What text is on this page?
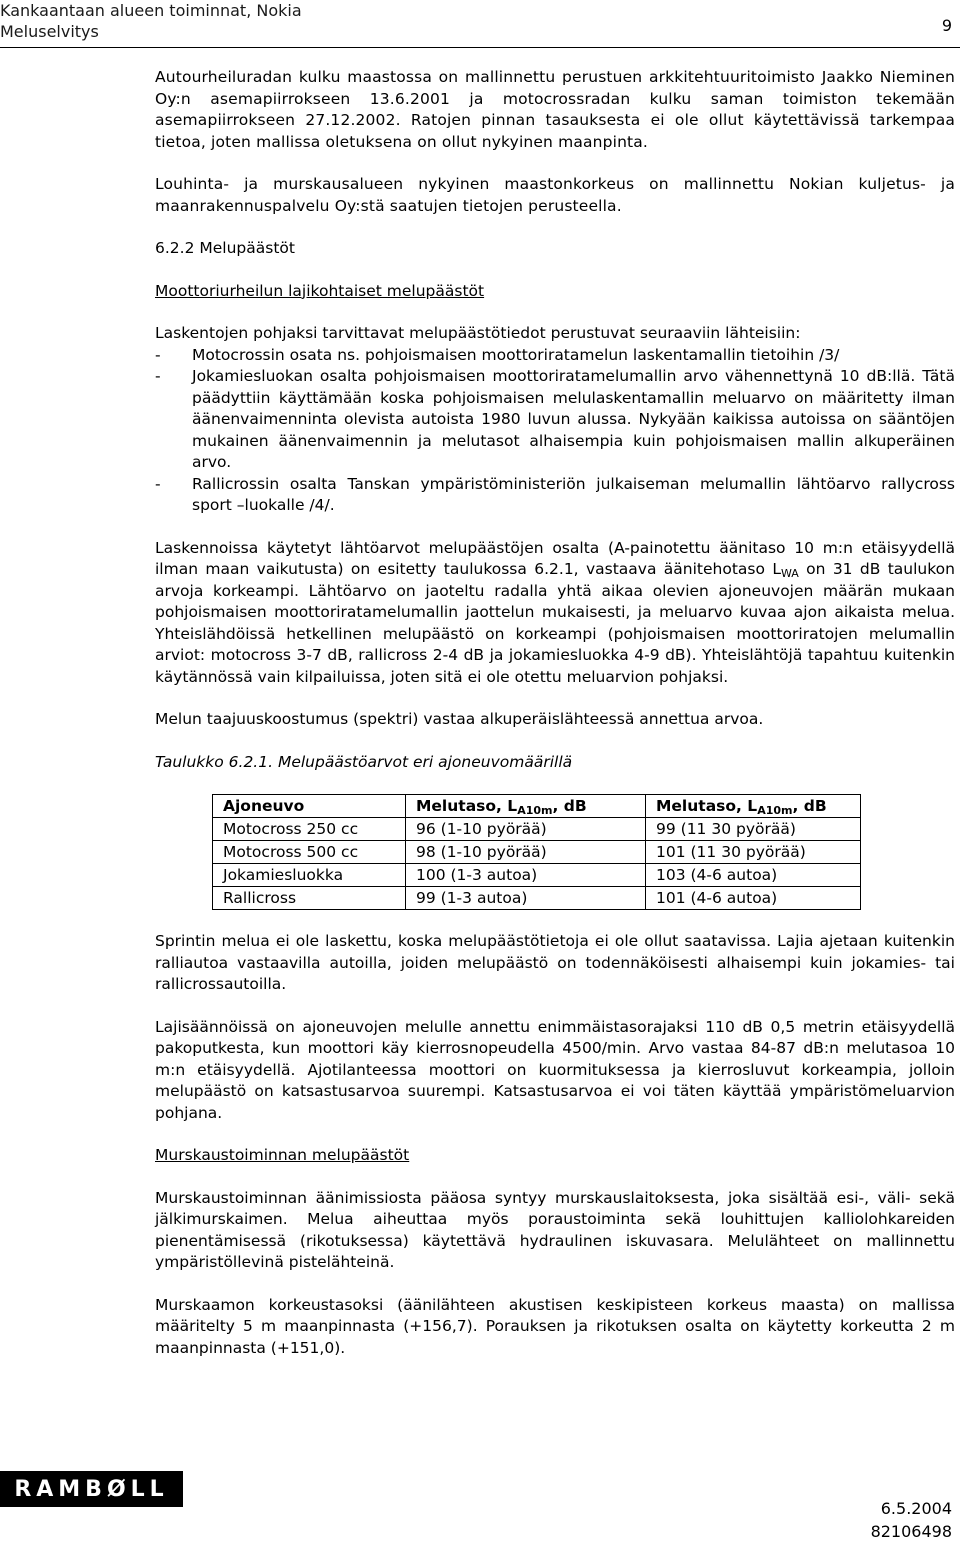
Kankaantaan alueen toiminnat, Nokia
Meluselvitys	9

Autourheiluradan kulku maastossa on mallinnettu perustuen arkkitehtuuritoimisto Jaakko Nieminen Oy:n asemapiirrokseen 13.6.2001 ja motocrossradan kulku saman toimiston tekemään asemapiirrokseen 27.12.2002. Ratojen pinnan tasauksesta ei ole ollut käytettävissä tarkempaa tietoa, joten mallissa oletuksena on ollut nykyinen maanpinta.

Louhinta- ja murskausalueen nykyinen maastonkorkeus on mallinnettu Nokian kuljetus- ja maanrakennuspalvelu Oy:stä saatujen tietojen perusteella.

6.2.2 Melupäästöt
Moottoriurheilun lajikohtaiset melupäästöt

Laskentojen pohjaksi tarvittavat melupäästötiedot perustuvat seuraaviin lähteisiin:

- Motocrossin osata ns. pohjoismaisen moottoriratamelun laskentamallin tietoihin /3/
- Jokamiesluokan osalta pohjoismaisen moottoriratamelumallin arvo vähennettynä 10 dB:llä. Tätä päädyttiin käyttämään koska pohjoismaisen melulaskentamallin meluarvo on määritetty ilman äänenvaimenninta olevista autoista 1980 luvun alussa. Nykyään kaikissa autoissa on sääntöjen mukainen äänenvaimennin ja melutasot alhaisempia kuin pohjoismaisen mallin alkuperäinen arvo.
- Rallicrossin osalta Tanskan ympäristöministeriön julkaiseman melumallin lähtöarvo rallycross sport –luokalle /4/.

Laskennoissa käytetyt lähtöarvot melupäästöjen osalta (A-painotettu äänitaso 10 m:n etäisyydellä ilman maan vaikutusta) on esitetty taulukossa 6.2.1, vastaava äänitehotaso $L_{WA}$ on 31 dB taulukon arvoja korkeampi. Lähtöarvo on jaoteltu radalla yhtä aikaa olevien ajoneuvojen määrän mukaan pohjoismaisen moottoriratamelumallin jaottelun mukaisesti, ja meluarvo kuvaa ajon aikaista melua. Yhteislähdöissä hetkellinen melupäästö on korkeampi (pohjoismaisen moottoriratojen melumallin arviot: motocross 3-7 dB, rallicross 2-4 dB ja jokamiesluokka 4-9 dB). Yhteislähtöjä tapahtuu kuitenkin käytännössä vain kilpailuissa, joten sitä ei ole otettu meluarvion pohjaksi.

Melun taajuuskoostumus (spektri) vastaa alkuperäislähteessä annettua arvoa.

Taulukko 6.2.1. Melupäästöarvot eri ajoneuvomäärillä

Ajoneuvo	Melutaso, $L_{A10m}$, dB	Melutaso, $L_{A10m}$, dB
Motocross 250 cc	96 (1-10 pyörää)	99 (11 30 pyörää)
Motocross 500 cc	98 (1-10 pyörää)	101 (11 30 pyörää)
Jokamiesluokka	100 (1-3 autoa)	103 (4-6 autoa)
Rallicross	99 (1-3 autoa)	101 (4-6 autoa)

Sprintin melua ei ole laskettu, koska melupäästötietoja ei ole ollut saatavissa. Lajia ajetaan kuitenkin ralliautoa vastaavilla autoilla, joiden melupäästö on todennäköisesti alhaisempi kuin jokamies- tai rallicrossautoilla.

Lajisäännöissä on ajoneuvojen melulle annettu enimmäistasorajaksi 110 dB 0,5 metrin etäisyydellä pakoputkesta, kun moottori käy kierrosnopeudella 4500/min. Arvo vastaa 84-87 dB:n melutasoa 10 m:n etäisyydellä. Ajotilanteessa moottori on kuormituksessa ja kierrosluvut korkeampia, jolloin melupäästö on katsastusarvoa suurempi. Katsastusarvoa ei voi täten käyttää ympäristömeluarvion pohjana.

Murskaustoiminnan melupäästöt

Murskaustoiminnan äänimissiosta pääosa syntyy murskauslaitoksesta, joka sisältää esi-, väli- sekä jälkimurskaimen. Melua aiheuttaa myös poraustoiminta sekä louhittujen kalliolohkareiden pienentämisessä (rikotuksessa) käytettävä hydraulinen iskuvasara. Melulähteet on mallinnettu ympäristöllevinä pistelähteinä.

Murskaamon korkeustasoksi (äänilähteen akustisen keskipisteen korkeus maasta) on mallissa määritelty 5 m maanpinnasta (+156,7). Porauksen ja rikotuksen osalta on käytetty korkeutta 2 m maanpinnasta (+151,0).

RAMBØLL
6.5.2004
82106498
